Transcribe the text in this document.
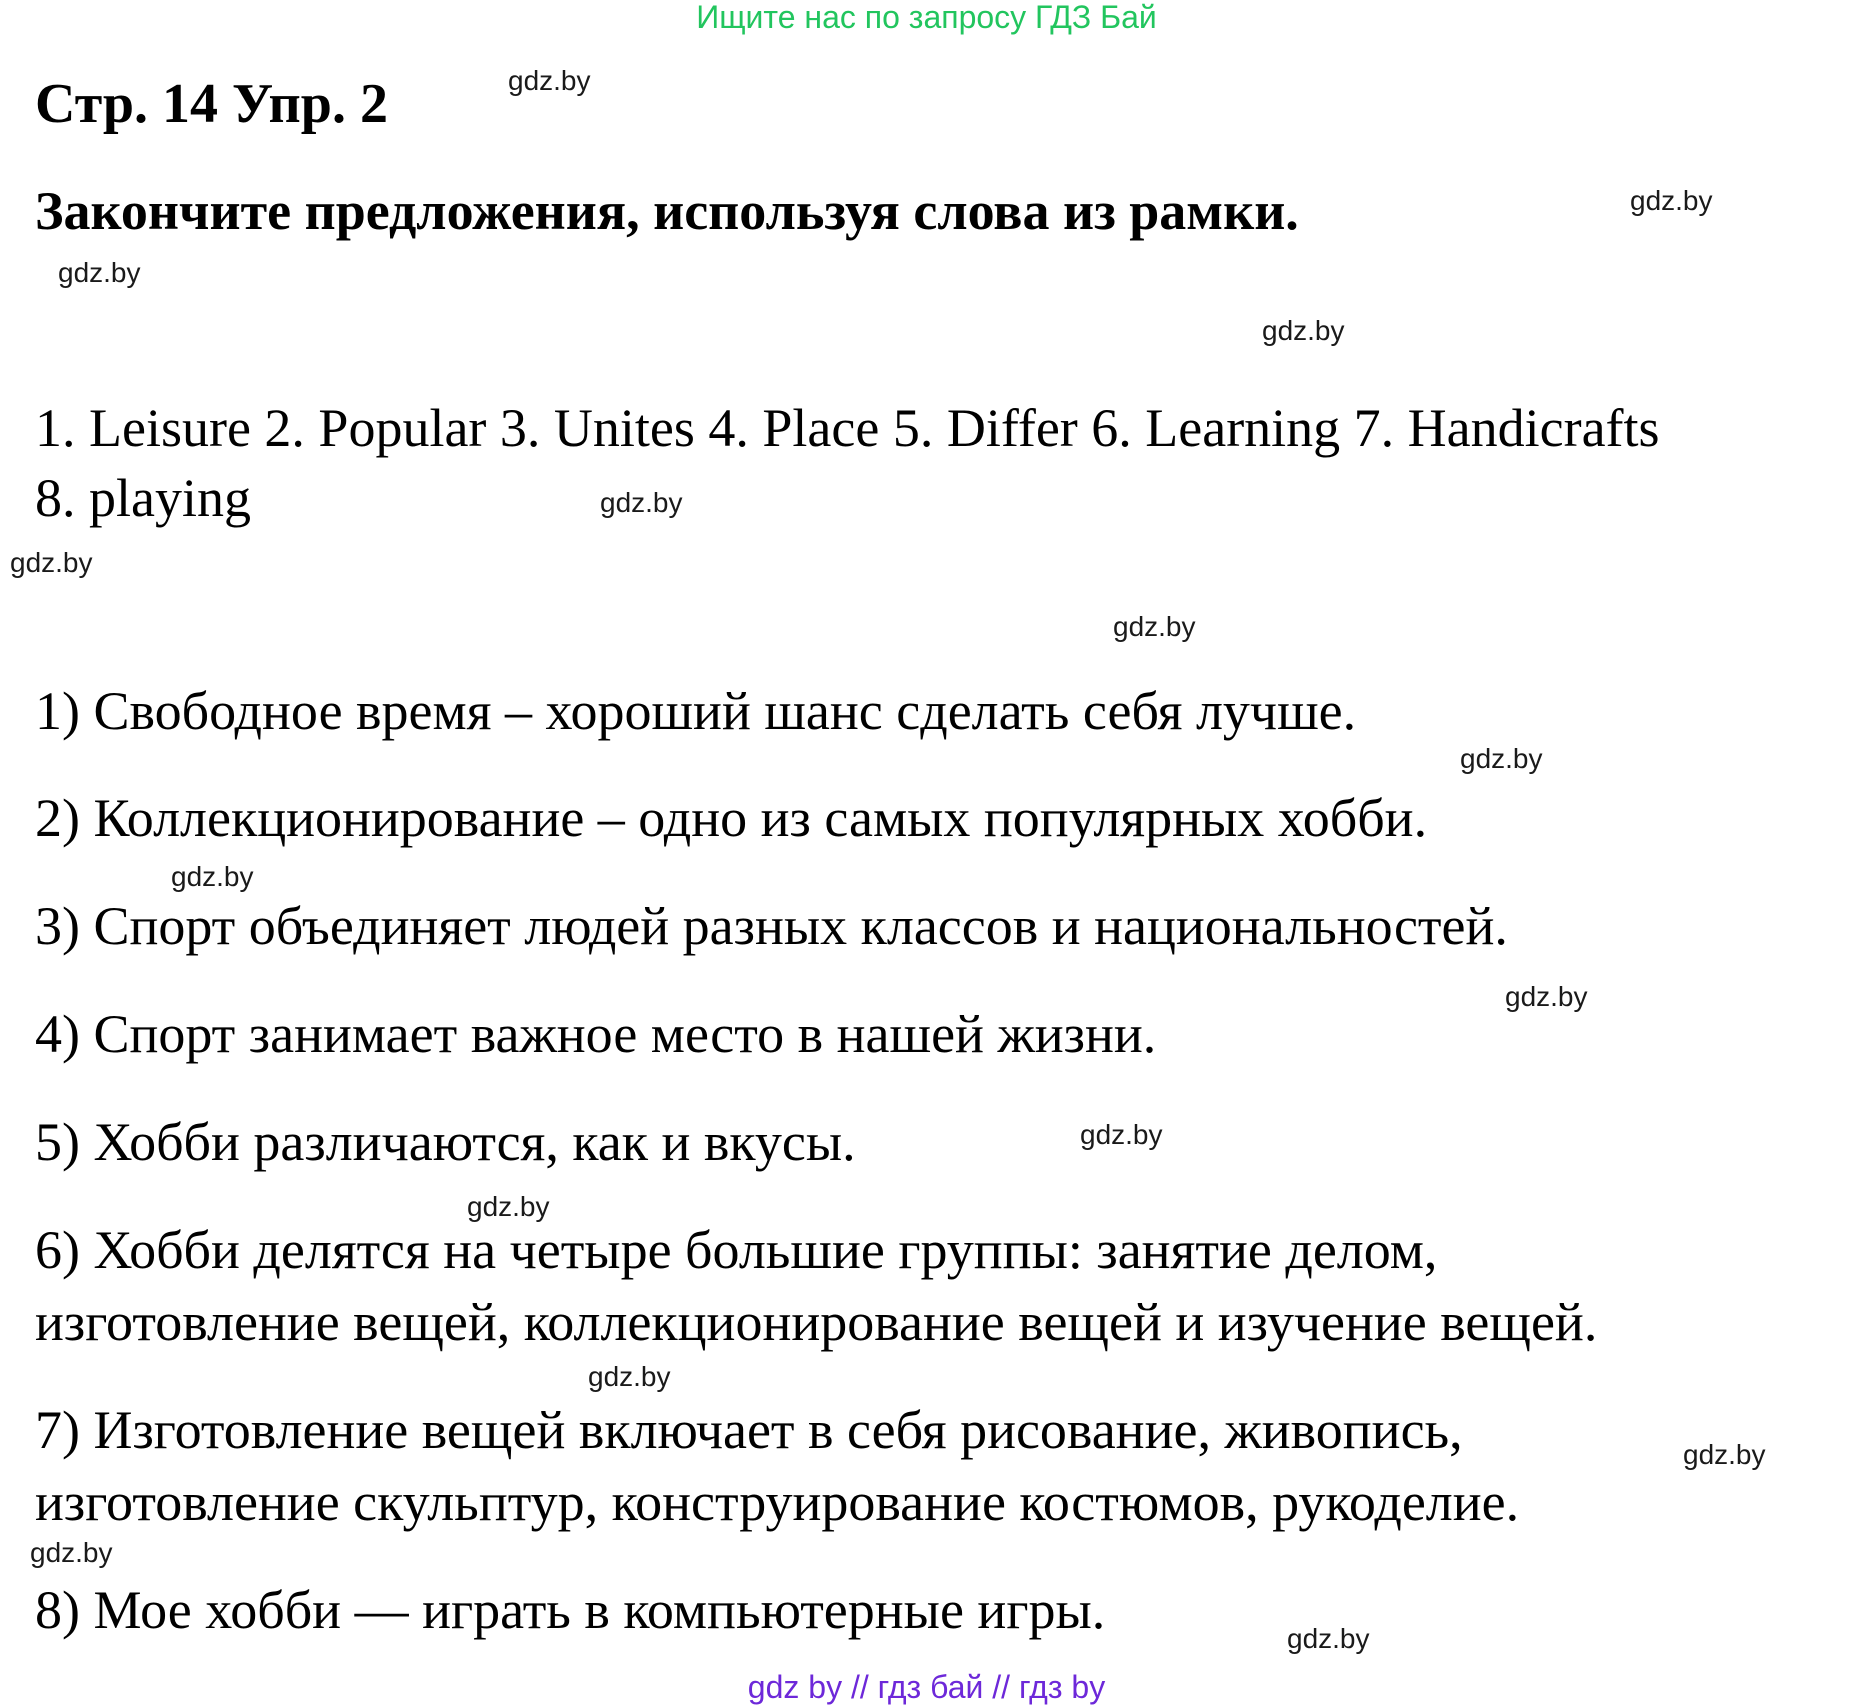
Ищите нас по запросу ГДЗ Бай
Стр. 14 Упр. 2
Закончите предложения, используя слова из рамки.
1. Leisure 2. Popular 3. Unites 4. Place 5. Differ 6. Learning 7. Handicrafts
8. playing
1) Свободное время – хороший шанс сделать себя лучше.
2) Коллекционирование – одно из самых популярных хобби.
3) Спорт объединяет людей разных классов и национальностей.
4) Спорт занимает важное место в нашей жизни.
5) Хобби различаются, как и вкусы.
6) Хобби делятся на четыре большие группы: занятие делом,
изготовление вещей, коллекционирование вещей и изучение вещей.
7) Изготовление вещей включает в себя рисование, живопись,
изготовление скульптур, конструирование костюмов, рукоделие.
8) Мое хобби — играть в компьютерные игры.
gdz.by
gdz.by
gdz.by
gdz.by
gdz.by
gdz.by
gdz.by
gdz.by
gdz.by
gdz.by
gdz.by
gdz.by
gdz.by
gdz.by
gdz.by
gdz.by
gdz by // гдз бай // гдз by
